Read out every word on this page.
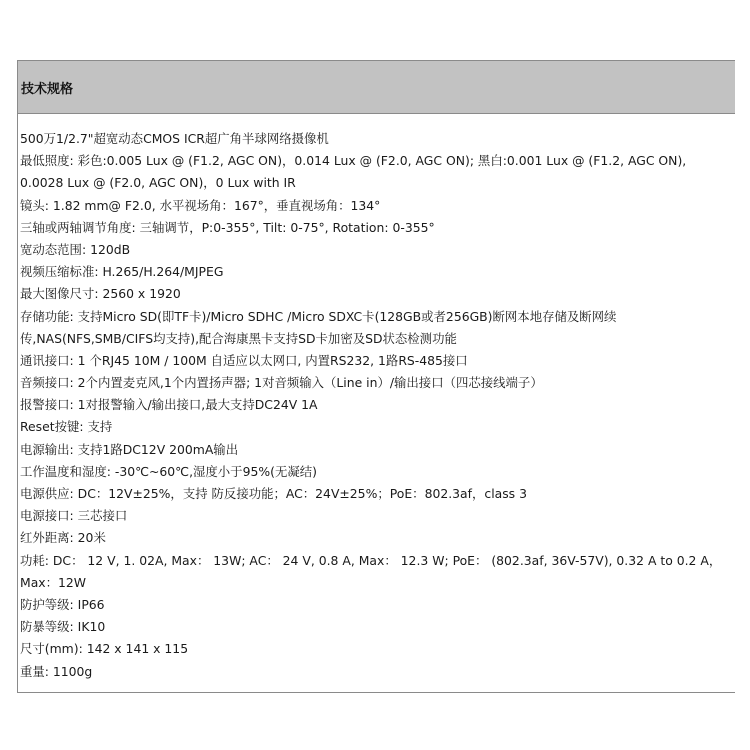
技术规格
500万1/2.7"超宽动态CMOS ICR超广角半球网络摄像机
最低照度: 彩色:0.005 Lux @ (F1.2, AGC ON)，0.014 Lux @ (F2.0, AGC ON); 黑白:0.001 Lux @ (F1.2, AGC ON),
0.0028 Lux @ (F2.0, AGC ON)，0 Lux with IR
镜头: 1.82 mm@ F2.0, 水平视场角：167°，垂直视场角：134°
三轴或两轴调节角度: 三轴调节，P:0-355°, Tilt: 0-75°, Rotation: 0-355°
宽动态范围: 120dB
视频压缩标准: H.265/H.264/MJPEG
最大图像尺寸: 2560 x 1920
存储功能: 支持Micro SD(即TF卡)/Micro SDHC /Micro SDXC卡(128GB或者256GB)断网本地存储及断网续
传,NAS(NFS,SMB/CIFS均支持),配合海康黑卡支持SD卡加密及SD状态检测功能
通讯接口: 1 个RJ45 10M / 100M 自适应以太网口, 内置RS232, 1路RS-485接口
音频接口: 2个内置麦克风,1个内置扬声器; 1对音频输入（Line in）/输出接口（四芯接线端子）
报警接口: 1对报警输入/输出接口,最大支持DC24V 1A
Reset按键: 支持
电源输出: 支持1路DC12V 200mA输出
工作温度和湿度: -30℃~60℃,湿度小于95%(无凝结)
电源供应: DC：12V±25%，支持 防反接功能；AC：24V±25%；PoE：802.3af，class 3
电源接口: 三芯接口
红外距离: 20米
功耗: DC： 12 V, 1. 02A, Max： 13W; AC： 24 V, 0.8 A, Max： 12.3 W; PoE： (802.3af, 36V-57V), 0.32 A to 0.2 A，
Max：12W
防护等级: IP66
防暴等级: IK10
尺寸(mm): 142 x 141 x 115
重量: 1100g
